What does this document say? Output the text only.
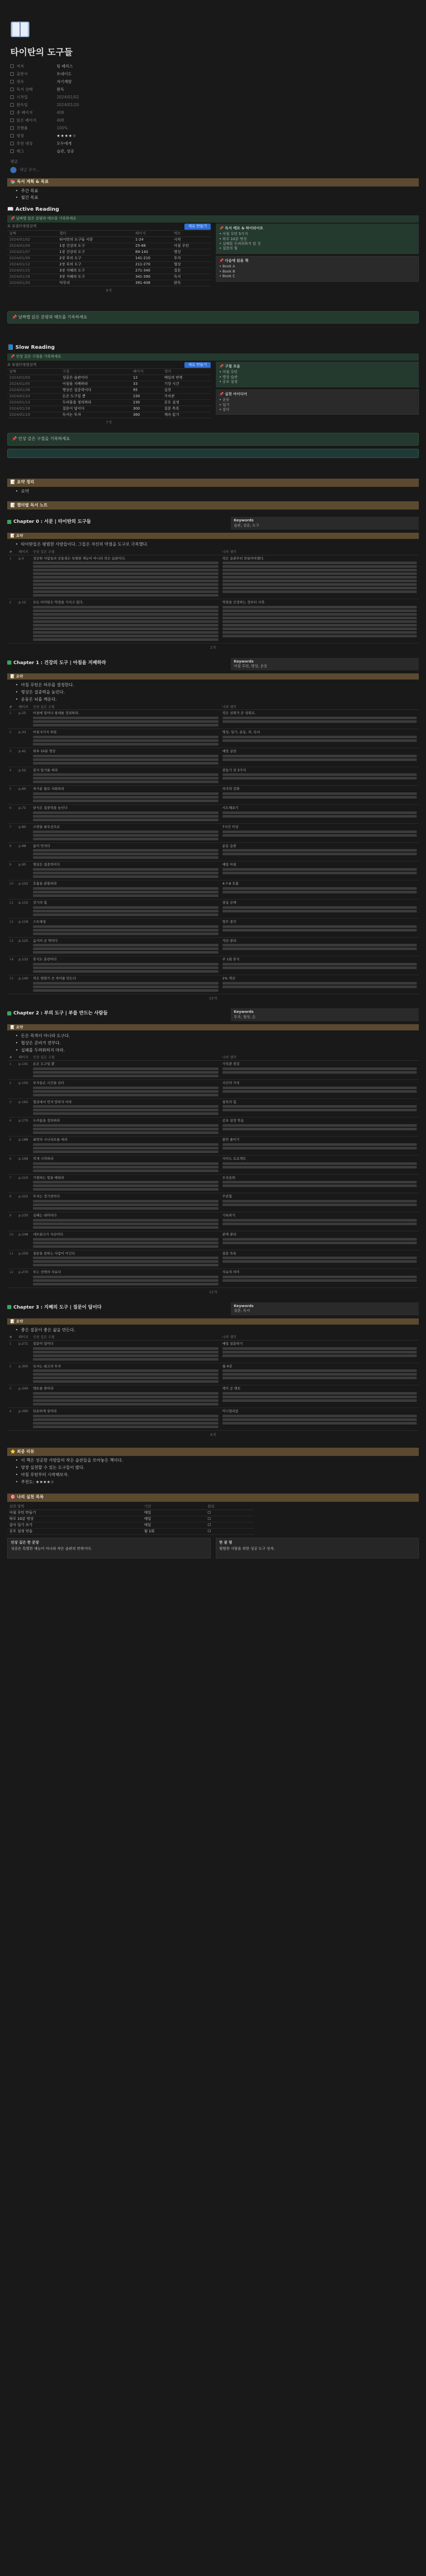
타이탄의 도구들
저자	팀 페리스
출판사	토네이도
장르	자기계발
독서 상태	완독
시작일	2024/01/02
완독일	2024/01/20
총 페이지	408
읽은 페이지	408
진행률	100%
평점	★★★★☆
추천 대상	모두에게
태그	습관, 성공
댓글
댓글 추가...
📚 독서 계획 & 목표
• 주간 목표
• 월간 목표
📖 Active Reading
📌 날짜별 읽은 분량과 메모를 기록하세요
표 뷰 필터 정렬 검색	새로 만들기
날짜	챕터	페이지	메모
2024/01/02	타이탄의 도구들 서문	1-24	시작
2024/01/04	1장 건강의 도구	25-88	아침 루틴
2024/01/07	1장 건강의 도구	89-140	명상
2024/01/09	2장 부의 도구	141-210	투자
2024/01/12	2장 부의 도구	211-270	협상
2024/01/15	3장 지혜의 도구	271-340	질문
2024/01/18	3장 지혜의 도구	341-390	독서
2024/01/20	마무리	391-408	완독
8개
📌 독서 메모 & 하이라이트
• 아침 루틴 5가지
• 하루 10분 명상
• 실패를 두려워하지 말 것
• 질문의 힘
📌 다음에 읽을 책
• Book A
• Book B
• Book C
📌 날짜별 읽은 분량과 메모를 기록하세요
📘 Slow Reading
📌 인상 깊은 구절을 기록하세요
표 뷰 필터 정렬 검색	새로 만들기
날짜	구절	페이지	생각
2024/01/03	성공은 습관이다	12	매일의 반복
2024/01/05	아침을 지배하라	33	기상 시간
2024/01/08	명상은 집중력이다	95	실천
2024/01/10	돈은 도구일 뿐	150	가치관
2024/01/13	두려움을 정의하라	230	공포 설정
2024/01/16	질문이 답이다	300	질문 목록
2024/01/19	독서는 투자	360	계속 읽기
7개
📌 구절 모음
• 아침 루틴
• 명상 습관
• 공포 설정
📌 실천 아이디어
• 운동
• 일기
• 감사
📌 인상 깊은 구절을 기록하세요
📝 요약 정리
• 요약
📝 챕터별 독서 노트
Chapter 0 : 서문 | 타이탄의 도구들	Keywords
습관, 성공, 도구
📝 요약
• 타이탄들은 평범한 사람들이다. 그들은 자신의 약점을 도구로 극복했다.
#	페이지	인상 깊은 구절	나의 생각
1	p.5	성공한 사람들의 공통점은 특별한 재능이 아니라 작은 습관이다.	작은 습관부터 만들어야겠다.

2	p.12	모든 타이탄은 약점을 가지고 있다.	약점을 인정하는 것부터 시작.
2개
Chapter 1 : 건강의 도구 | 아침을 지배하라	Keywords
아침 루틴, 명상, 운동
📝 요약
• 아침 루틴은 하루를 결정한다.
• 명상은 집중력을 높인다.
• 운동은 뇌를 깨운다.
#	페이지	인상 깊은 구절	나의 생각
1	p.25	아침에 일어나 침대를 정리하라.	작은 성취가 큰 성취로.

2	p.33	아침 5가지 루틴	명상, 일기, 운동, 차, 독서

3	p.41	하루 10분 명상	매일 실천

4	p.52	감사 일기를 써라	잠들기 전 3가지

5	p.60	차가운 물로 샤워하라	의지력 강화

6	p.71	단식은 집중력을 높인다	시도해보기

7	p.80	수면을 최우선으로	7시간 이상

8	p.88	몸이 먼저다	운동 습관

9	p.95	명상은 집중력이다	매일 아침

10	p.102	호흡을 관찰하라	4-7-8 호흡

11	p.110	걷기의 힘	점심 산책

12	p.118	스트레칭	업무 중간

13	p.125	음식이 곧 약이다	식단 관리

14	p.132	휴식도 훈련이다	주 1회 휴식

15	p.140	작은 변화가 큰 차이를 만든다	1% 개선
15개
Chapter 2 : 부의 도구 | 부를 만드는 사람들	Keywords
투자, 협상, 돈
📝 요약
• 돈은 목적이 아니라 도구다.
• 협상은 준비가 전부다.
• 실패를 두려워하지 마라.
#	페이지	인상 깊은 구절	나의 생각
1	p.141	돈은 도구일 뿐	가치관 점검

2	p.150	부자들은 시간을 산다	시간의 가치

3	p.162	협상에서 먼저 말하지 마라	침묵의 힘

4	p.175	두려움을 정의하라	공포 설정 연습

5	p.188	최악의 시나리오를 써라	불안 줄이기

6	p.199	작게 시작하라	사이드 프로젝트

7	p.210	거절하는 법을 배워라	우선순위

8	p.222	투자는 장기전이다	꾸준함

9	p.235	실패는 데이터다	기록하기

10	p.248	네트워크가 자산이다	관계 관리

11	p.259	질문을 잘하는 사람이 이긴다	질문 목록

12	p.270	부는 선택의 자유다	자유의 의미
12개
Chapter 3 : 지혜의 도구 | 질문이 답이다	Keywords
질문, 독서
📝 요약
• 좋은 질문이 좋은 삶을 만든다.
#	페이지	인상 깊은 구절	나의 생각
1	p.271	질문이 답이다	매일 질문하기

2	p.300	독서는 최고의 투자	월 4권

3	p.340	멘토를 찾아라	책이 곧 멘토

4	p.390	단순하게 살아라	미니멀리즘
4개
⭐ 최종 리뷰
• 이 책은 성공한 사람들의 작은 습관들을 모아놓은 책이다.
• 당장 실천할 수 있는 도구들이 많다.
• 아침 루틴부터 시작해보자.
• 추천도: ★★★★☆
🎯 나의 실천 목록
실천 항목	기간	완료
아침 루틴 만들기	매일	☐
하루 10분 명상	매일	☐
감사 일기 쓰기	매일	☐
공포 설정 연습	월 1회	☐
인상 깊은 한 문장
성공은 특별한 재능이 아니라 작은 습관의 반복이다.
한 줄 평
평범한 사람을 위한 성공 도구 상자.
